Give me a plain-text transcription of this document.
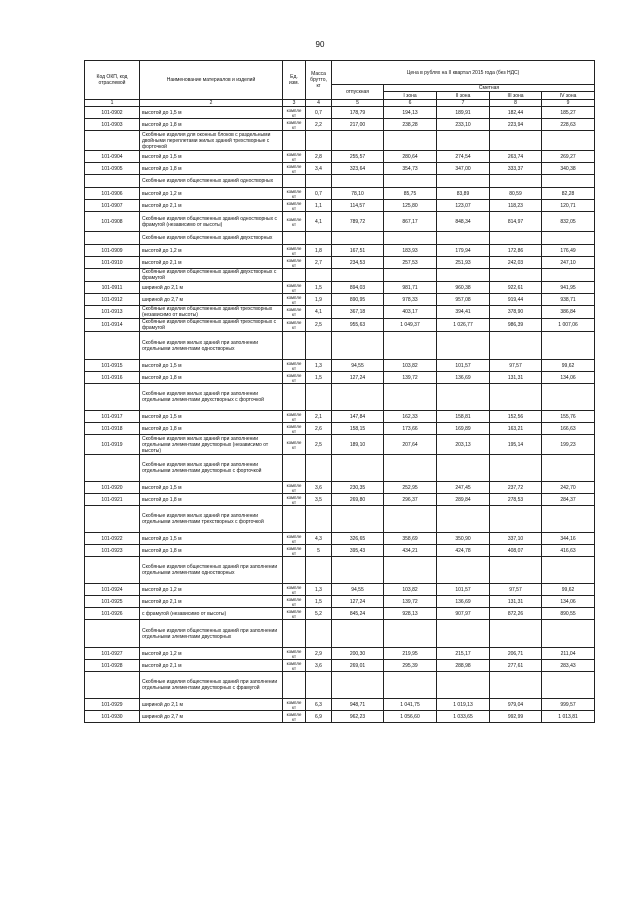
90
Код ОКП, код отраслевой	Наименование материалов и изделий	Ед. изм.	Масса брутто, кг	Цена в рублях на II квартал 2015 года (без НДС)				
				отпускная	Сметная			
					I зона	II зона	III зона	IV зона
1	2	3	4	5	6	7	8	9
101-0902	высотой до 1,5 м	компле кт	0,7	178,79	194,13	189,91	182,44	185,27
101-0903	высотой до 1,8 м	компле кт	2,2	217,00	238,28	233,10	223,94	228,63
	Скобяные изделия для оконных блоков с раздельными двойными переплетами жилых зданий трехстворные с форточкой							
101-0904	высотой до 1,5 м	компле кт	2,8	255,57	280,64	274,54	263,74	269,27
101-0905	высотой до 1,8 м	компле кт	3,4	323,64	354,73	347,00	333,37	340,38
	Скобяные изделия общественных зданий одностворных							
101-0906	высотой до 1,2 м	компле кт	0,7	78,10	85,75	83,89	80,59	82,28
101-0907	высотой до 2,1 м	компле кт	1,1	114,57	125,80	123,07	118,23	120,71
101-0908	Скобяные изделия общественных зданий одностворных с фрамугой (независимо от высоты)	компле кт	4,1	789,72	867,17	848,34	814,97	832,05
	Скобяные изделия общественных зданий двухстворных							
101-0909	высотой до 1,2 м	компле кт	1,8	167,51	183,93	179,94	172,86	176,49
101-0910	высотой до 2,1 м	компле кт	2,7	234,53	257,53	251,93	242,03	247,10
	Скобяные изделия общественных зданий двухстворных с фрамугой							
101-0911	шириной до 2,1 м	компле кт	1,5	894,03	981,71	960,38	922,61	941,95
101-0912	шириной до 2,7 м	компле кт	1,9	890,95	978,33	957,08	919,44	938,71
101-0913	Скобяные изделия общественных зданий трехстворных (независимо от высоты)	компле кт	4,1	367,18	403,17	394,41	378,90	386,84
101-0914	Скобяные изделия общественных зданий трехстворных с фрамугой	компле кт	2,5	955,63	1 049,37	1 026,77	986,39	1 007,06
	Скобяные изделия жилых зданий при заполнении отдельными элементами одностворных							
101-0915	высотой до 1,5 м	компле кт	1,3	94,55	103,82	101,57	97,57	99,62
101-0916	высотой до 1,8 м	компле кт	1,5	127,24	139,72	136,69	131,31	134,06
	Скобяные изделия жилых зданий при заполнении отдельными элементами двухстворных с форточкой							
101-0917	высотой до 1,5 м	компле кт	2,1	147,84	162,33	158,81	152,56	155,76
101-0918	высотой до 1,8 м	компле кт	2,6	158,15	173,66	169,89	163,21	166,63
101-0919	Скобяные изделия жилых зданий при заполнении отдельными элементами двустворных (независимо от высоты)	компле кт	2,5	189,10	207,64	203,13	195,14	199,23
	Скобяные изделия жилых зданий при заполнении отдельными элементами двустворных с форточкой							
101-0920	высотой до 1,5 м	компле кт	3,6	230,35	252,95	247,45	237,72	242,70
101-0921	высотой до 1,8 м	компле кт	3,5	269,80	296,37	289,84	278,53	284,37
	Скобяные изделия жилых зданий при заполнении отдельными элементами трехстворных с форточкой							
101-0922	высотой до 1,5 м	компле кт	4,3	326,65	358,69	350,90	337,10	344,16
101-0923	высотой до 1,8 м	компле кт	5	395,43	434,21	424,78	408,07	416,63
	Скобяные изделия общественных зданий при заполнении отдельными элементами одностворных							
101-0924	высотой до 1,2 м	компле кт	1,3	94,55	103,82	101,57	97,57	99,62
101-0925	высотой до 2,1 м	компле кт	1,5	127,24	139,72	136,69	131,31	134,06
101-0926	с фрамугой (независимо от высоты)	компле кт	5,2	845,24	928,13	907,97	872,26	890,55
	Скобяные изделия общественных зданий при заполнении отдельными элементами двустворных							
101-0927	высотой до 1,2 м	компле кт	2,9	200,30	219,95	215,17	206,71	211,04
101-0928	высотой до 2,1 м	компле кт	3,6	269,01	295,39	288,98	277,61	283,43
	Скобяные изделия общественных зданий при заполнении отдельными элементами двустворных с фрамугой							
101-0929	шириной до 2,1 м	компле кт	6,3	948,71	1 041,75	1 019,13	979,04	999,57
101-0930	шириной до 2,7 м	компле кт	6,9	962,23	1 056,60	1 033,65	992,99	1 013,81
